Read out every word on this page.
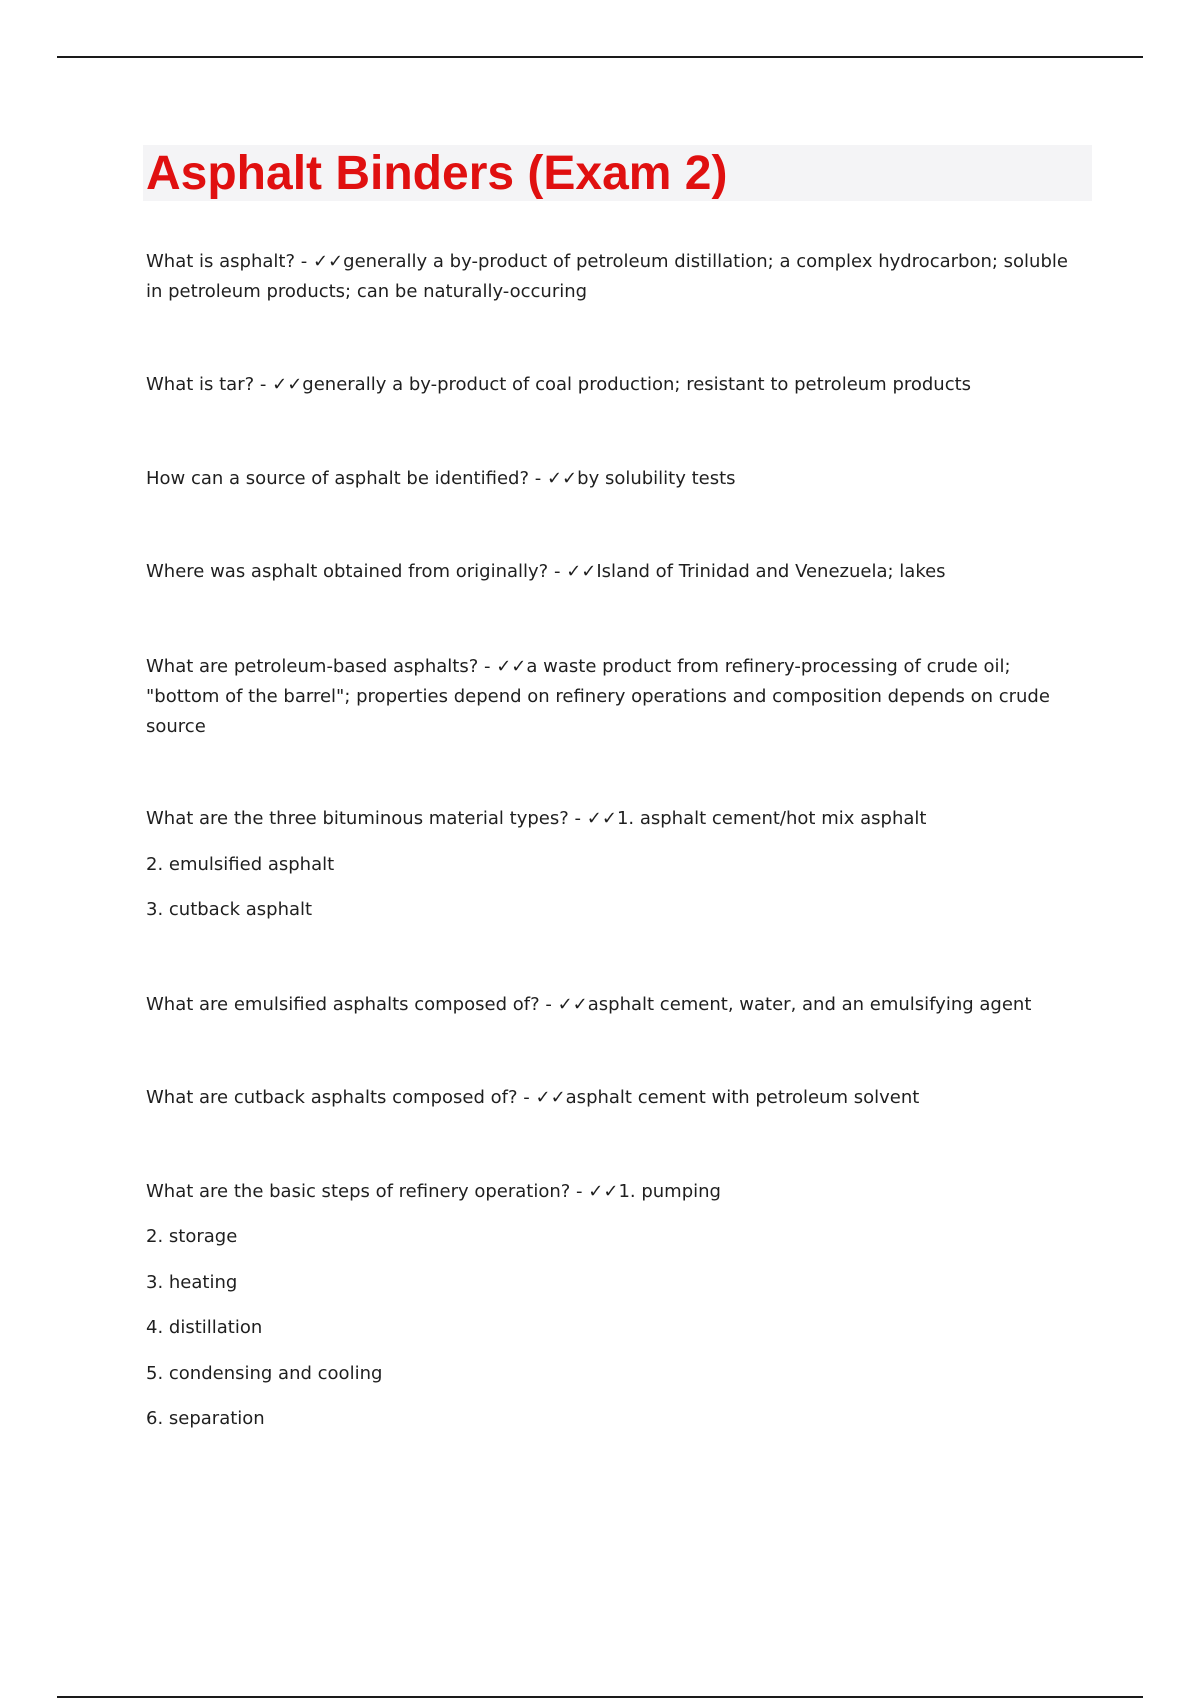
Asphalt Binders (Exam 2)

What is asphalt? - ✓✓generally a by-product of petroleum distillation; a complex hydrocarbon; soluble in petroleum products; can be naturally-occuring

What is tar? - ✓✓generally a by-product of coal production; resistant to petroleum products

How can a source of asphalt be identified? - ✓✓by solubility tests

Where was asphalt obtained from originally? - ✓✓Island of Trinidad and Venezuela; lakes

What are petroleum-based asphalts? - ✓✓a waste product from refinery-processing of crude oil; "bottom of the barrel"; properties depend on refinery operations and composition depends on crude source

What are the three bituminous material types? - ✓✓1. asphalt cement/hot mix asphalt

2. emulsified asphalt

3. cutback asphalt

What are emulsified asphalts composed of? - ✓✓asphalt cement, water, and an emulsifying agent

What are cutback asphalts composed of? - ✓✓asphalt cement with petroleum solvent

What are the basic steps of refinery operation? - ✓✓1. pumping

2. storage

3. heating

4. distillation

5. condensing and cooling

6. separation
